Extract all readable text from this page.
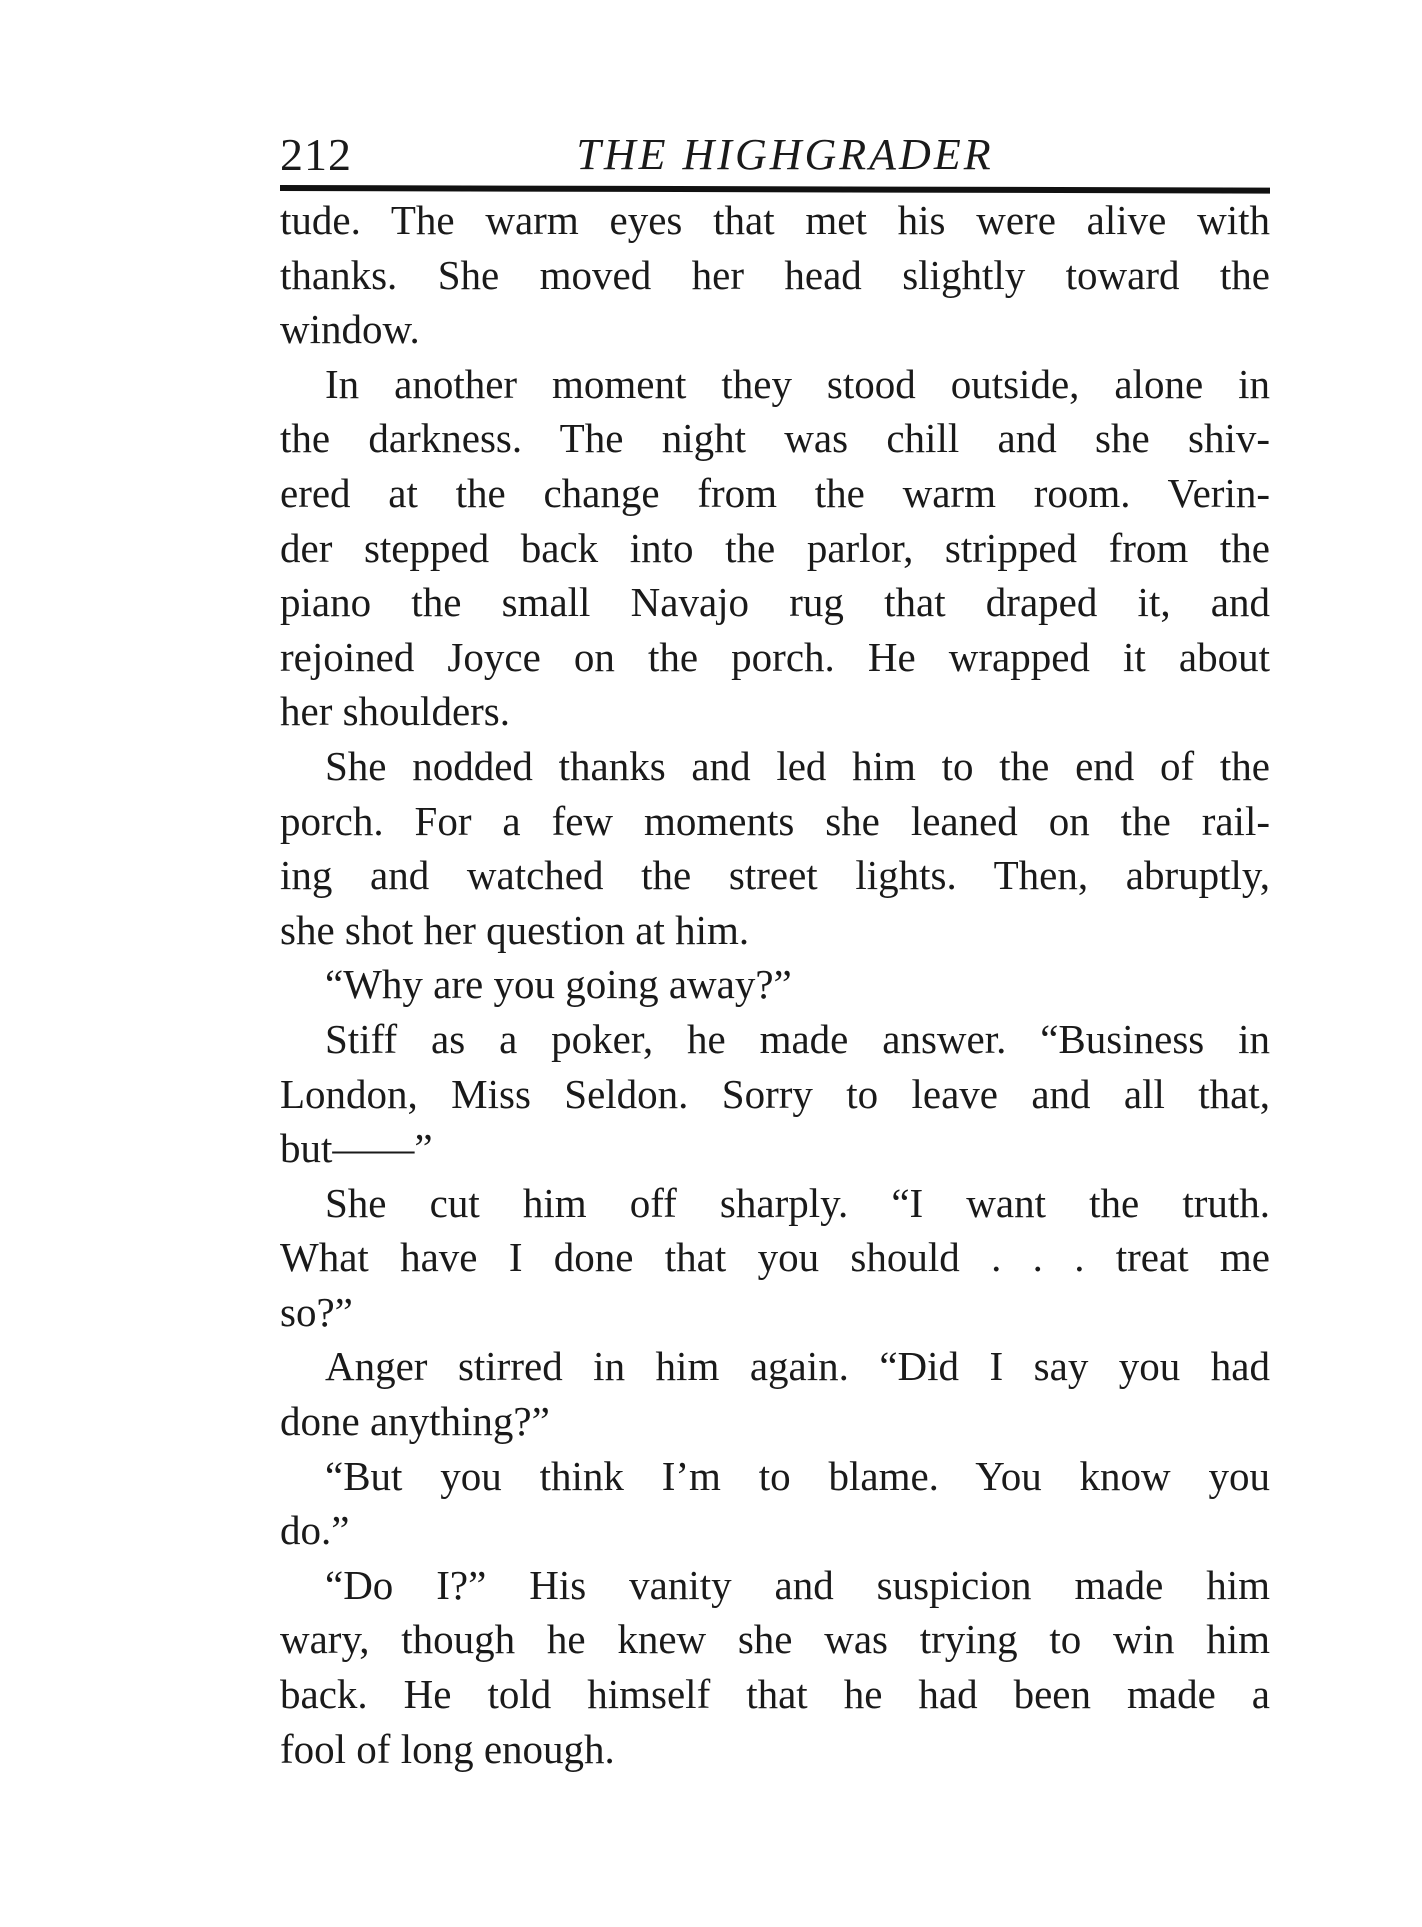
212	THE HIGHGRADER
tude. The warm eyes that met his were alive with
thanks. She moved her head slightly toward the
window.
In another moment they stood outside, alone in
the darkness. The night was chill and she shiv-
ered at the change from the warm room. Verin-
der stepped back into the parlor, stripped from the
piano the small Navajo rug that draped it, and
rejoined Joyce on the porch. He wrapped it about
her shoulders.
She nodded thanks and led him to the end of the
porch. For a few moments she leaned on the rail-
ing and watched the street lights. Then, abruptly,
she shot her question at him.
“Why are you going away?”
Stiff as a poker, he made answer. “Business in
London, Miss Seldon. Sorry to leave and all that,
but——”
She cut him off sharply. “I want the truth.
What have I done that you should . . . treat me
so?”
Anger stirred in him again. “Did I say you had
done anything?”
“But you think I’m to blame. You know you
do.”
“Do I?” His vanity and suspicion made him
wary, though he knew she was trying to win him
back. He told himself that he had been made a
fool of long enough.
